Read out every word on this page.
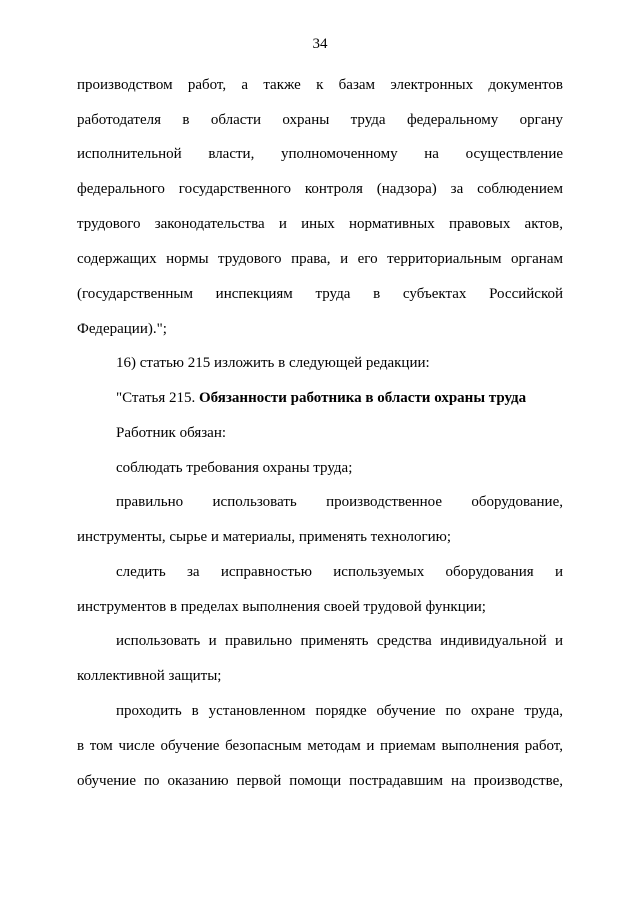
34
производством работ, а также к базам электронных документов
работодателя в области охраны труда федеральному органу
исполнительной власти, уполномоченному на осуществление
федерального государственного контроля (надзора) за соблюдением
трудового законодательства и иных нормативных правовых актов,
содержащих нормы трудового права, и его территориальным органам
(государственным инспекциям труда в субъектах Российской
Федерации).";
16) статью 215 изложить в следующей редакции:
"Статья 215. Обязанности работника в области охраны труда
Работник обязан:
соблюдать требования охраны труда;
правильно использовать производственное оборудование,
инструменты, сырье и материалы, применять технологию;
следить за исправностью используемых оборудования и
инструментов в пределах выполнения своей трудовой функции;
использовать и правильно применять средства индивидуальной и
коллективной защиты;
проходить в установленном порядке обучение по охране труда,
в том числе обучение безопасным методам и приемам выполнения работ,
обучение по оказанию первой помощи пострадавшим на производстве,
